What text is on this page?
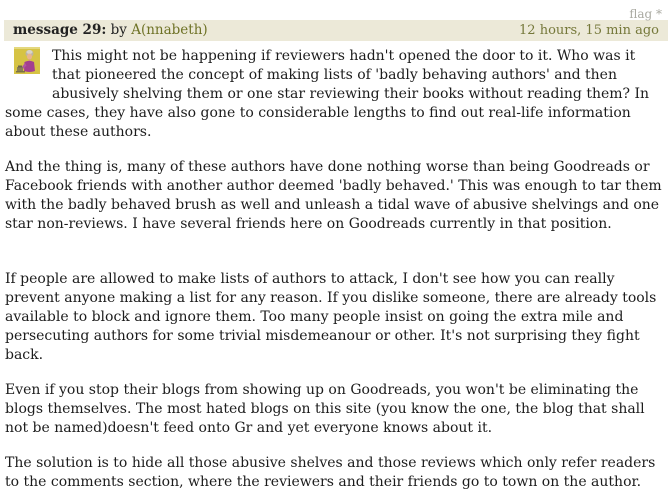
flag *
message 29: by A(nnabeth)	12 hours, 15 min ago

This might not be happening if reviewers hadn't opened the door to it. Who was it that pioneered the concept of making lists of 'badly behaving authors' and then abusively shelving them or one star reviewing their books without reading them? In some cases, they have also gone to considerable lengths to find out real-life information about these authors.

And the thing is, many of these authors have done nothing worse than being Goodreads or Facebook friends with another author deemed 'badly behaved.' This was enough to tar them with the badly behaved brush as well and unleash a tidal wave of abusive shelvings and one star non-reviews. I have several friends here on Goodreads currently in that position.

If people are allowed to make lists of authors to attack, I don't see how you can really prevent anyone making a list for any reason. If you dislike someone, there are already tools available to block and ignore them. Too many people insist on going the extra mile and persecuting authors for some trivial misdemeanour or other. It's not surprising they fight back.

Even if you stop their blogs from showing up on Goodreads, you won't be eliminating the blogs themselves. The most hated blogs on this site (you know the one, the blog that shall not be named)doesn't feed onto Gr and yet everyone knows about it.

The solution is to hide all those abusive shelves and those reviews which only refer readers to the comments section, where the reviewers and their friends go to town on the author.
